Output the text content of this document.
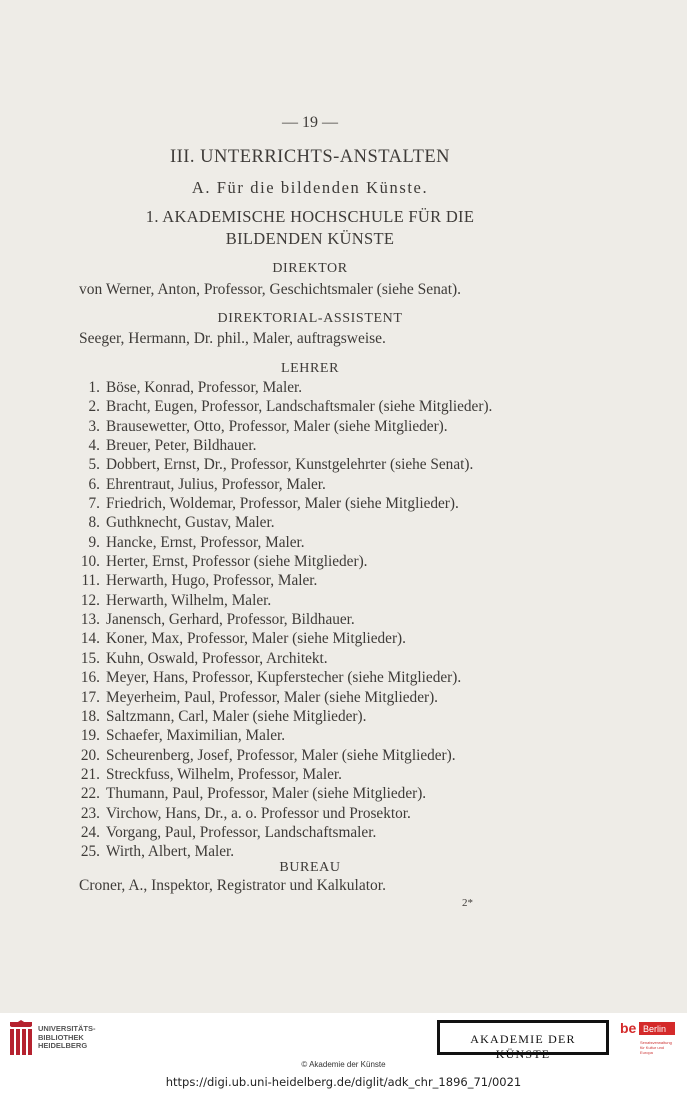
— 19 —
III. UNTERRICHTS-ANSTALTEN
A. Für die bildenden Künste.
1. AKADEMISCHE HOCHSCHULE FÜR DIE
BILDENDEN KÜNSTE
DIREKTOR
von Werner, Anton, Professor, Geschichtsmaler (siehe Senat).
DIREKTORIAL-ASSISTENT
Seeger, Hermann, Dr. phil., Maler, auftragsweise.
LEHRER
1. Böse, Konrad, Professor, Maler.
2. Bracht, Eugen, Professor, Landschaftsmaler (siehe Mitglieder).
3. Brausewetter, Otto, Professor, Maler (siehe Mitglieder).
4. Breuer, Peter, Bildhauer.
5. Dobbert, Ernst, Dr., Professor, Kunstgelehrter (siehe Senat).
6. Ehrentraut, Julius, Professor, Maler.
7. Friedrich, Woldemar, Professor, Maler (siehe Mitglieder).
8. Guthknecht, Gustav, Maler.
9. Hancke, Ernst, Professor, Maler.
10. Herter, Ernst, Professor (siehe Mitglieder).
11. Herwarth, Hugo, Professor, Maler.
12. Herwarth, Wilhelm, Maler.
13. Janensch, Gerhard, Professor, Bildhauer.
14. Koner, Max, Professor, Maler (siehe Mitglieder).
15. Kuhn, Oswald, Professor, Architekt.
16. Meyer, Hans, Professor, Kupferstecher (siehe Mitglieder).
17. Meyerheim, Paul, Professor, Maler (siehe Mitglieder).
18. Saltzmann, Carl, Maler (siehe Mitglieder).
19. Schaefer, Maximilian, Maler.
20. Scheurenberg, Josef, Professor, Maler (siehe Mitglieder).
21. Streckfuss, Wilhelm, Professor, Maler.
22. Thumann, Paul, Professor, Maler (siehe Mitglieder).
23. Virchow, Hans, Dr., a. o. Professor und Prosektor.
24. Vorgang, Paul, Professor, Landschaftsmaler.
25. Wirth, Albert, Maler.
BUREAU
Croner, A., Inspektor, Registrator und Kalkulator.
2*
UNIVERSITÄTS-
BIBLIOTHEK
HEIDELBERG	AKADEMIE DER KÜNSTE
be Berlin
Senatsverwaltung für Kultur und Europa
© Akademie der Künste
https://digi.ub.uni-heidelberg.de/diglit/adk_chr_1896_71/0021
